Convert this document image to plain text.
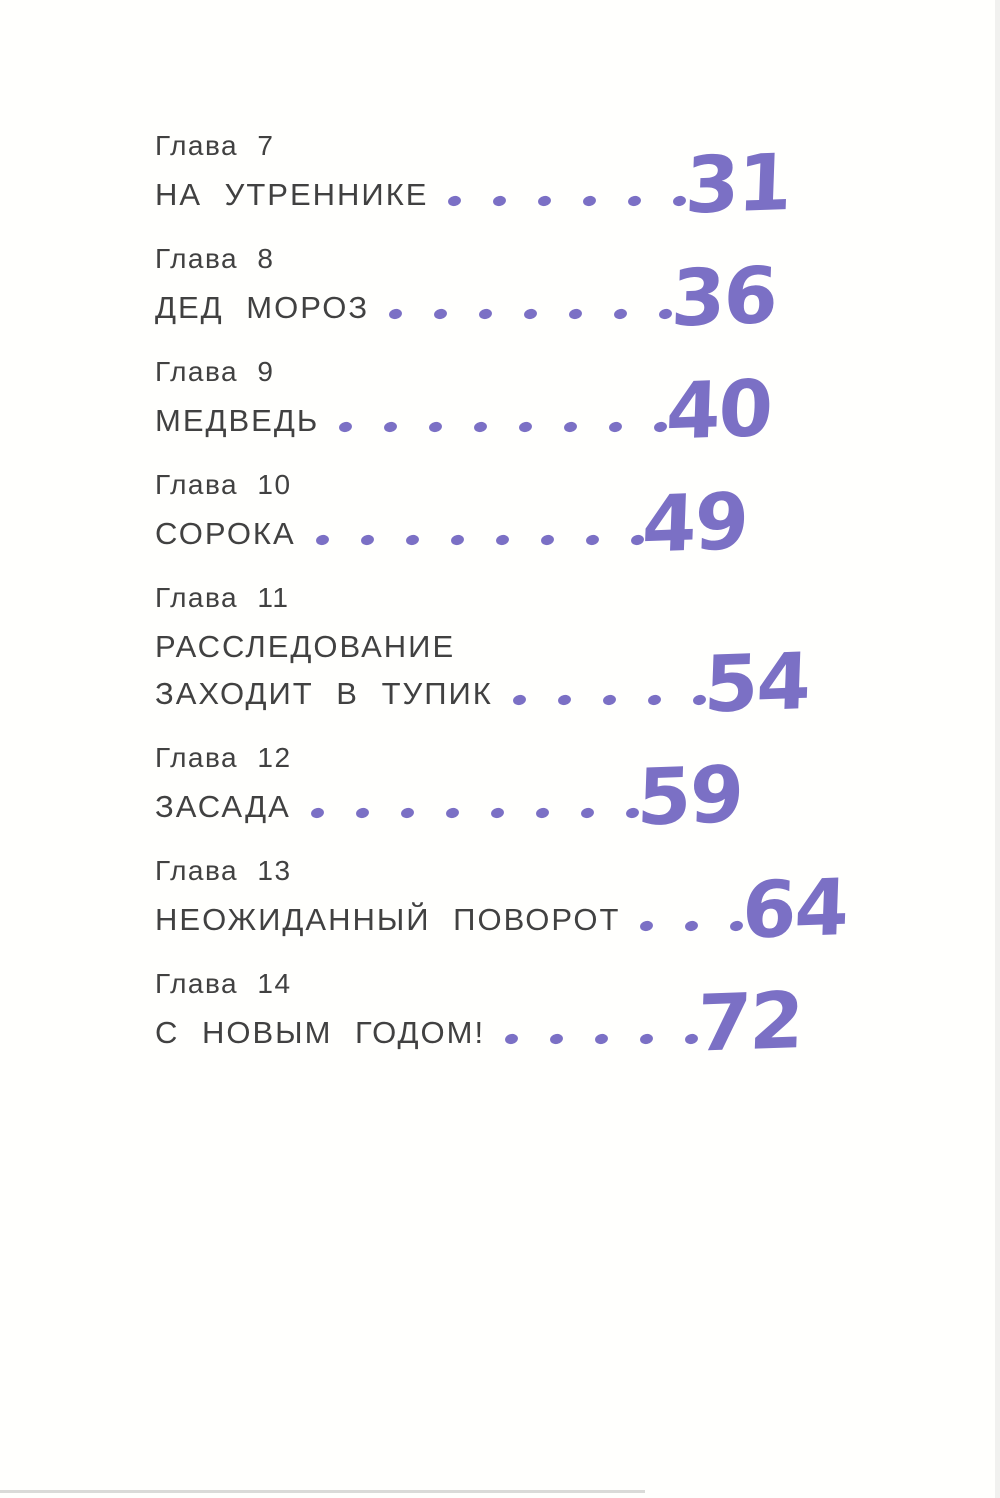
Глава 7
НА УТРЕННИКЕ	31
Глава 8
ДЕД МОРОЗ	36
Глава 9
МЕДВЕДЬ	40
Глава 10
СОРОКА	49
Глава 11
РАССЛЕДОВАНИЕ
ЗАХОДИТ В ТУПИК	54
Глава 12
ЗАСАДА	59
Глава 13
НЕОЖИДАННЫЙ ПОВОРОТ 64
Глава 14
С НОВЫМ ГОДОМ!	72
